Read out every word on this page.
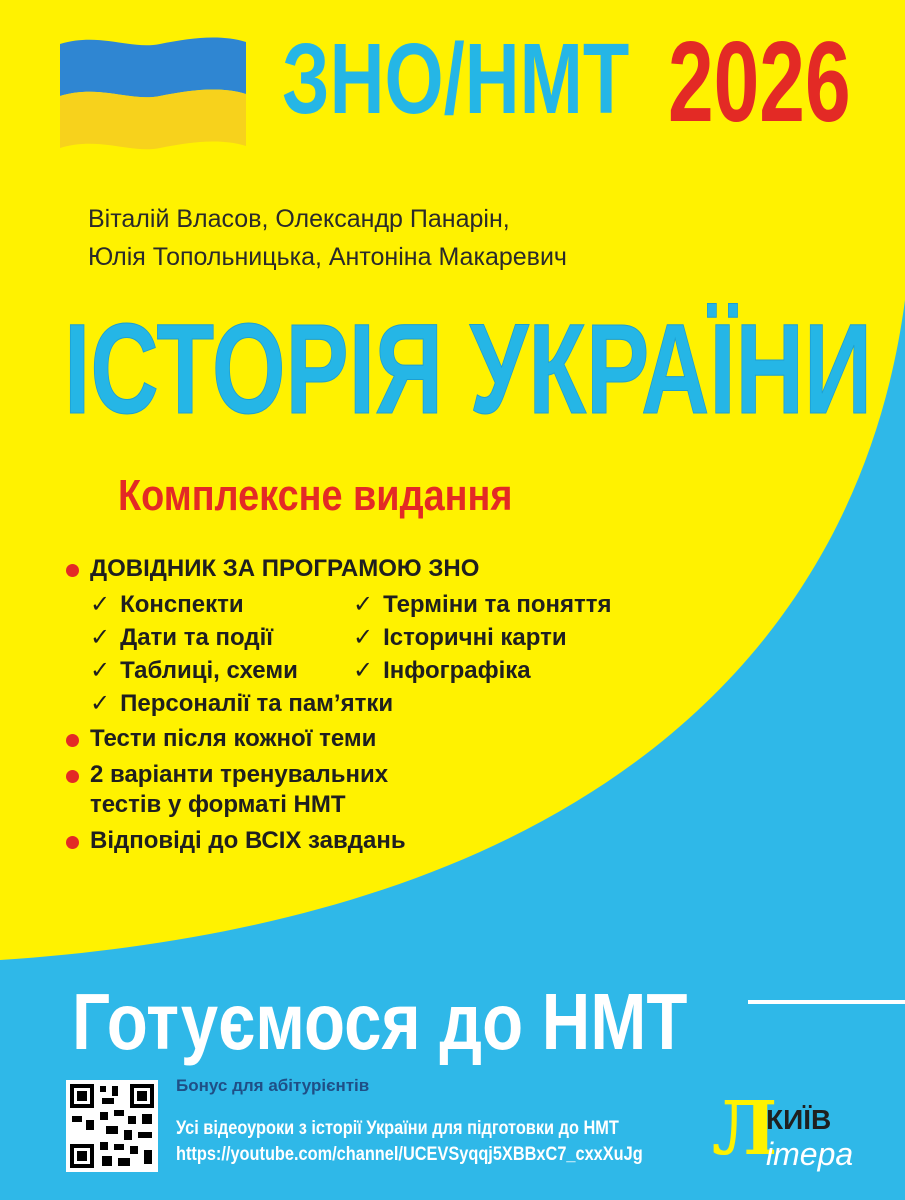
ЗНО/НМТ 2026
Віталій Власов, Олександр Панарін,
Юлія Топольницька, Антоніна Макаревич
ІСТОРІЯ УКРАЇНИ
Комплексне видання
ДОВІДНИК ЗА ПРОГРАМОЮ ЗНО
✓ Конспекти	✓ Терміни та поняття
✓ Дати та події	✓ Історичні карти
✓ Таблиці, схеми	✓ Інфографіка
✓ Персоналії та пам’ятки
Тести після кожної теми
2 варіанти тренувальних
тестів у форматі НМТ
Відповіді до ВСІХ завдань
Готуємося до НМТ
Бонус для абітурієнтів
Усі відеоуроки з історії України для підготовки до НМТ
https://youtube.com/channel/UCEVSyqqj5XBBxC7_cxxXuJg Л
КИЇВ
ітера
